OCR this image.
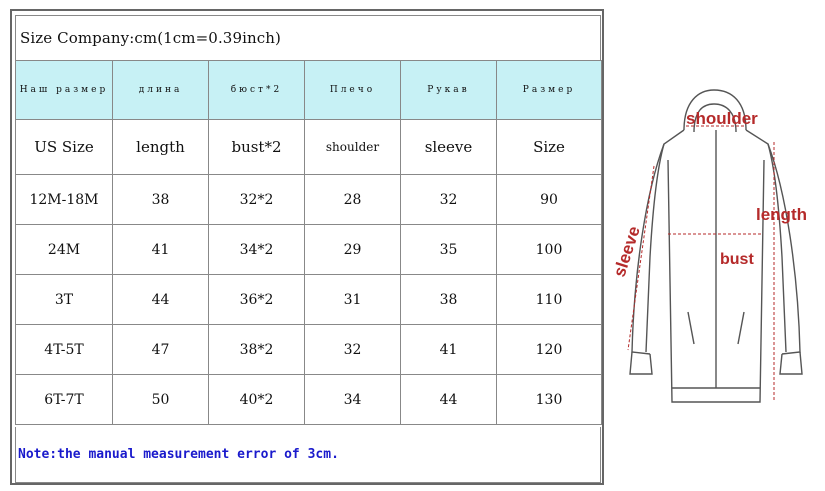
Size Company:cm(1cm=0.39inch)
Наш размер	длина	бюст*2	Плечо	Рукав	Размер
US Size	length	bust*2	shoulder	sleeve	Size
12M-18M	38	32*2	28	32	90
24M	41	34*2	29	35	100
3T	44	36*2	31	38	110
4T-5T	47	38*2	32	41	120
6T-7T	50	40*2	34	44	130
Note:the manual measurement error of 3cm.
shoulder
length
bust
sleeve
